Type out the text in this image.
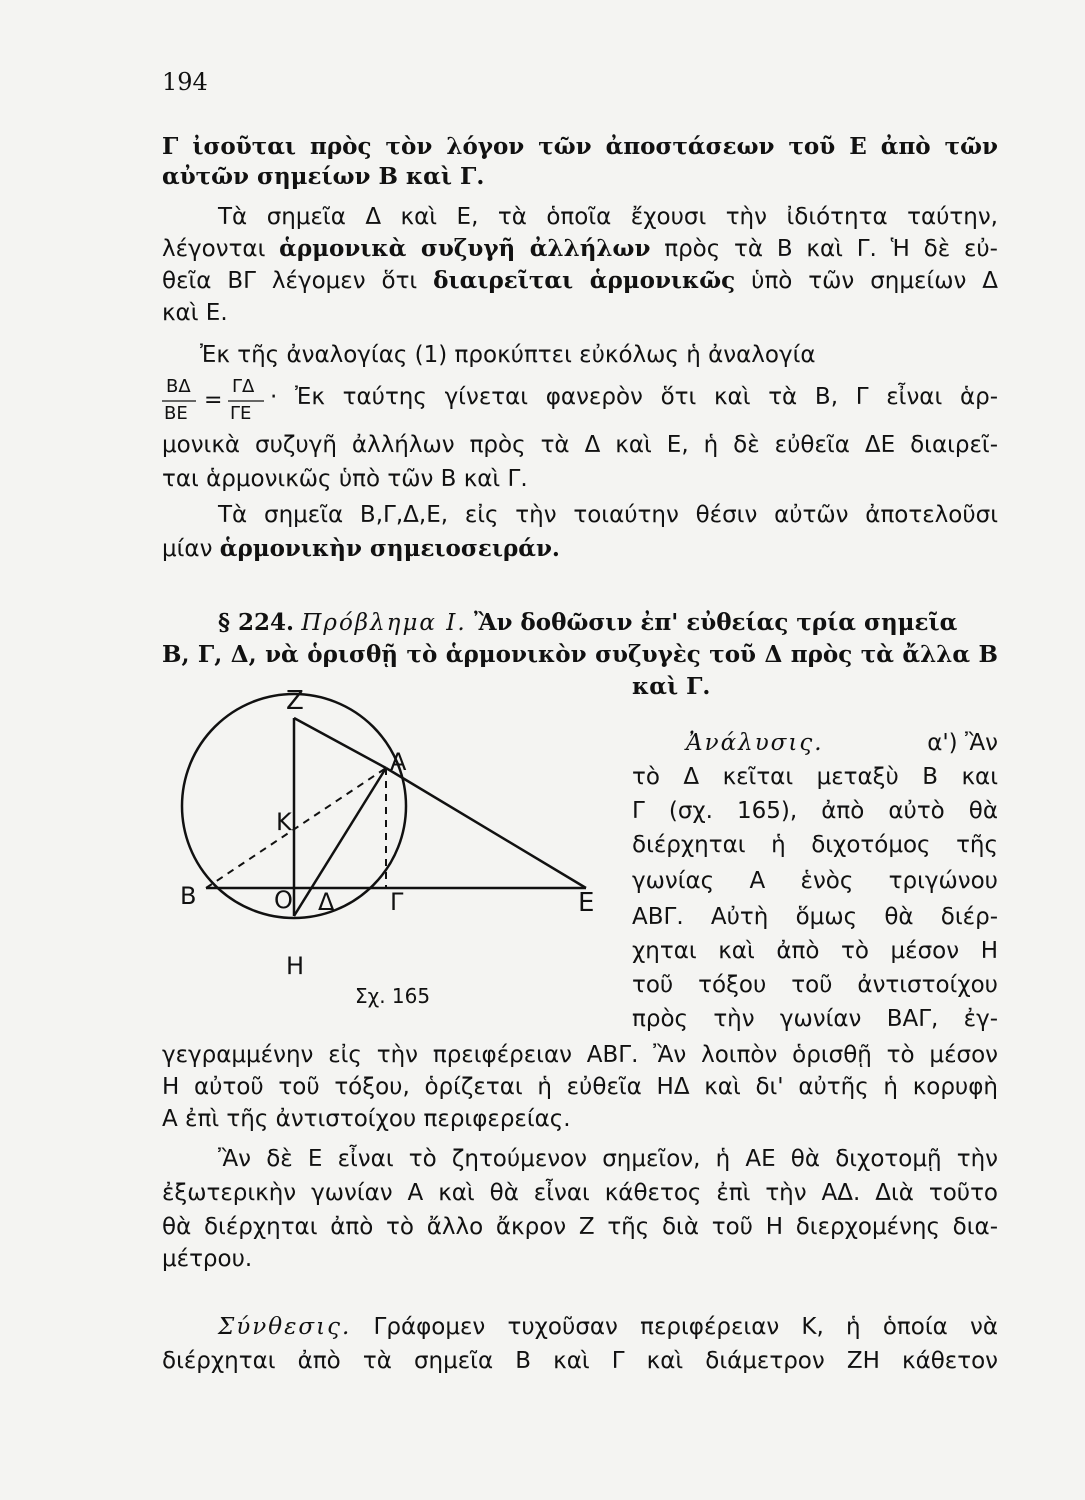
194
Γ ἰσοῦται πρὸς τὸν λόγον τῶν ἀποστάσεων τοῦ Ε ἀπὸ τῶν
αὐτῶν σημείων Β καὶ Γ.
Τὰ σημεῖα Δ καὶ Ε, τὰ ὁποῖα ἔχουσι τὴν ἰδιότητα ταύτην,
λέγονται ἁρμονικὰ συζυγῆ ἀλλήλων πρὸς τὰ Β καὶ Γ. Ἡ δὲ εὐ-
θεῖα ΒΓ λέγομεν ὅτι διαιρεῖται ἁρμονικῶς ὑπὸ τῶν σημείων Δ
καὶ Ε.
Ἐκ τῆς ἀναλογίας (1) προκύπτει εὐκόλως ἡ ἀναλογία
ΒΔ
ΒΕ
=
ΓΔ
ΓΕ
· Ἐκ ταύτης γίνεται φανερὸν ὅτι καὶ τὰ Β, Γ εἶναι ἁρ-
μονικὰ συζυγῆ ἀλλήλων πρὸς τὰ Δ καὶ Ε, ἡ δὲ εὐθεῖα ΔΕ διαιρεῖ-
ται ἁρμονικῶς ὑπὸ τῶν Β καὶ Γ.
Τὰ σημεῖα Β,Γ,Δ,Ε, εἰς τὴν τοιαύτην θέσιν αὐτῶν ἀποτελοῦσι
μίαν ἁρμονικὴν σημειοσειράν.
§ 224. Πρόβλημα Ι. Ἂν δοθῶσιν ἐπ' εὐθείας τρία σημεῖα
Β, Γ, Δ, νὰ ὁρισθῇ τὸ ἁρμονικὸν συζυγὲς τοῦ Δ πρὸς τὰ ἄλλα Β
καὶ Γ.
Ζ
Α
Κ
Β	Ο Δ Γ	Ε
Η
Σχ. 165
Ἀνάλυσις.	α') Ἂν
τὸ Δ κεῖται μεταξὺ Β και
Γ (σχ. 165), ἀπὸ αὐτὸ θὰ
διέρχηται ἡ διχοτόμος τῆς
γωνίας Α ἑνὸς τριγώνου
ΑΒΓ. Αὐτὴ ὅμως θὰ διέρ-
χηται καὶ ἀπὸ τὸ μέσον Η
τοῦ τόξου τοῦ ἀντιστοίχου
πρὸς τὴν γωνίαν ΒΑΓ, ἐγ-
γεγραμμένην εἰς τὴν πρειφέρειαν ΑΒΓ. Ἂν λοιπὸν ὁρισθῇ τὸ μέσον
Η αὐτοῦ τοῦ τόξου, ὁρίζεται ἡ εὐθεῖα ΗΔ καὶ δι' αὐτῆς ἡ κορυφὴ
Α ἐπὶ τῆς ἀντιστοίχου περιφερείας.
Ἂν δὲ Ε εἶναι τὸ ζητούμενον σημεῖον, ἡ ΑΕ θὰ διχοτομῇ τὴν
ἐξωτερικὴν γωνίαν Α καὶ θὰ εἶναι κάθετος ἐπὶ τὴν ΑΔ. Διὰ τοῦτο
θὰ διέρχηται ἀπὸ τὸ ἄλλο ἄκρον Ζ τῆς διὰ τοῦ Η διερχομένης δια-
μέτρου.
Σύνθεσις. Γράφομεν τυχοῦσαν περιφέρειαν Κ, ἡ ὁποία νὰ
διέρχηται ἀπὸ τὰ σημεῖα Β καὶ Γ καὶ διάμετρον ΖΗ κάθετον
